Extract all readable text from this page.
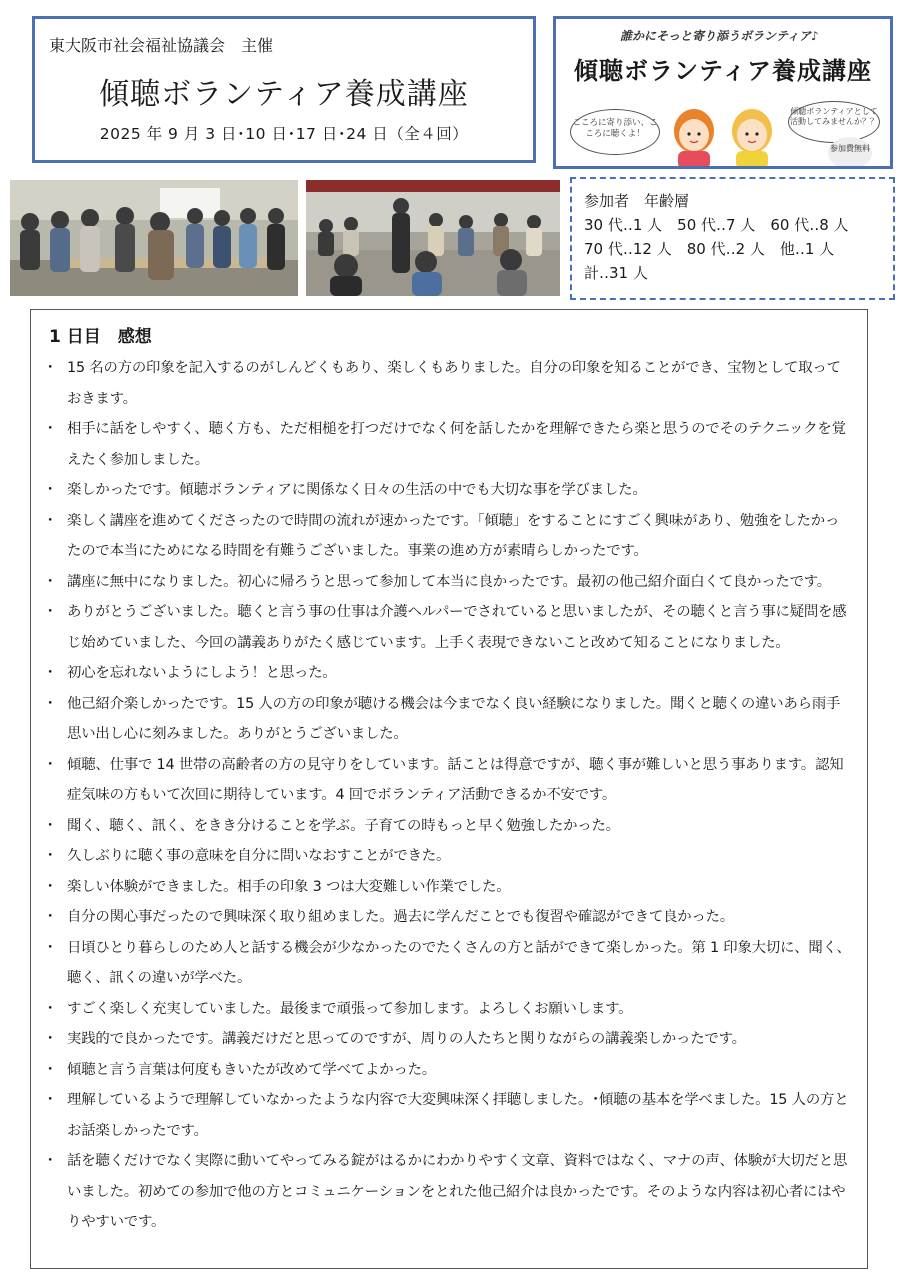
東大阪市社会福祉協議会　主催
傾聴ボランティア養成講座
2025 年 9 月 3 日･10 日･17 日･24 日（全４回）
誰かにそっと寄り添うボランティア♪
傾聴ボランティア養成講座
こころに寄り添い、こころに聴くよ！
傾聴ボランティアとして活動してみませんか？？
参加費無料
参加者　年齢層
30 代‥1 人　50 代‥7 人　60 代‥8 人
70 代‥12 人　80 代‥2 人　他‥1 人
計‥31 人
1 日目　感想
・ 15 名の方の印象を記入するのがしんどくもあり、楽しくもありました。自分の印象を知ることができ、宝物として取っておきます。
・ 相手に話をしやすく、聴く方も、ただ相槌を打つだけでなく何を話したかを理解できたら楽と思うのでそのテクニックを覚えたく参加しました。
・ 楽しかったです。傾聴ボランティアに関係なく日々の生活の中でも大切な事を学びました。
・ 楽しく講座を進めてくださったので時間の流れが速かったです。「傾聴」をすることにすごく興味があり、勉強をしたかったので本当にためになる時間を有難うございました。事業の進め方が素晴らしかったです。
・ 講座に無中になりました。初心に帰ろうと思って参加して本当に良かったです。最初の他己紹介面白くて良かったです。
・ ありがとうございました。聴くと言う事の仕事は介護ヘルパーでされていると思いましたが、その聴くと言う事に疑問を感じ始めていました、今回の講義ありがたく感じています。上手く表現できないこと改めて知ることになりました。
・ 初心を忘れないようにしよう！と思った。
・ 他己紹介楽しかったです。15 人の方の印象が聴ける機会は今までなく良い経験になりました。聞くと聴くの違いあら雨手思い出し心に刻みました。ありがとうございました。
・ 傾聴、仕事で 14 世帯の高齢者の方の見守りをしています。話ことは得意ですが、聴く事が難しいと思う事あります。認知症気味の方もいて次回に期待しています。4 回でボランティア活動できるか不安です。
・ 聞く、聴く、訊く、をきき分けることを学ぶ。子育ての時もっと早く勉強したかった。
・ 久しぶりに聴く事の意味を自分に問いなおすことができた。
・ 楽しい体験ができました。相手の印象 3 つは大変難しい作業でした。
・ 自分の関心事だったので興味深く取り組めました。過去に学んだことでも復習や確認ができて良かった。
・ 日頃ひとり暮らしのため人と話する機会が少なかったのでたくさんの方と話ができて楽しかった。第 1 印象大切に、聞く、聴く、訊くの違いが学べた。
・ すごく楽しく充実していました。最後まで頑張って参加します。よろしくお願いします。
・ 実践的で良かったです。講義だけだと思ってのですが、周りの人たちと関りながらの講義楽しかったです。
・ 傾聴と言う言葉は何度もきいたが改めて学べてよかった。
・ 理解しているようで理解していなかったような内容で大変興味深く拝聴しました。･傾聴の基本を学べました。15 人の方とお話楽しかったです。
・ 話を聴くだけでなく実際に動いてやってみる錠がはるかにわかりやすく文章、資料ではなく、マナの声、体験が大切だと思いました。初めての参加で他の方とコミュニケーションをとれた他己紹介は良かったです。そのような内容は初心者にはやりやすいです。
